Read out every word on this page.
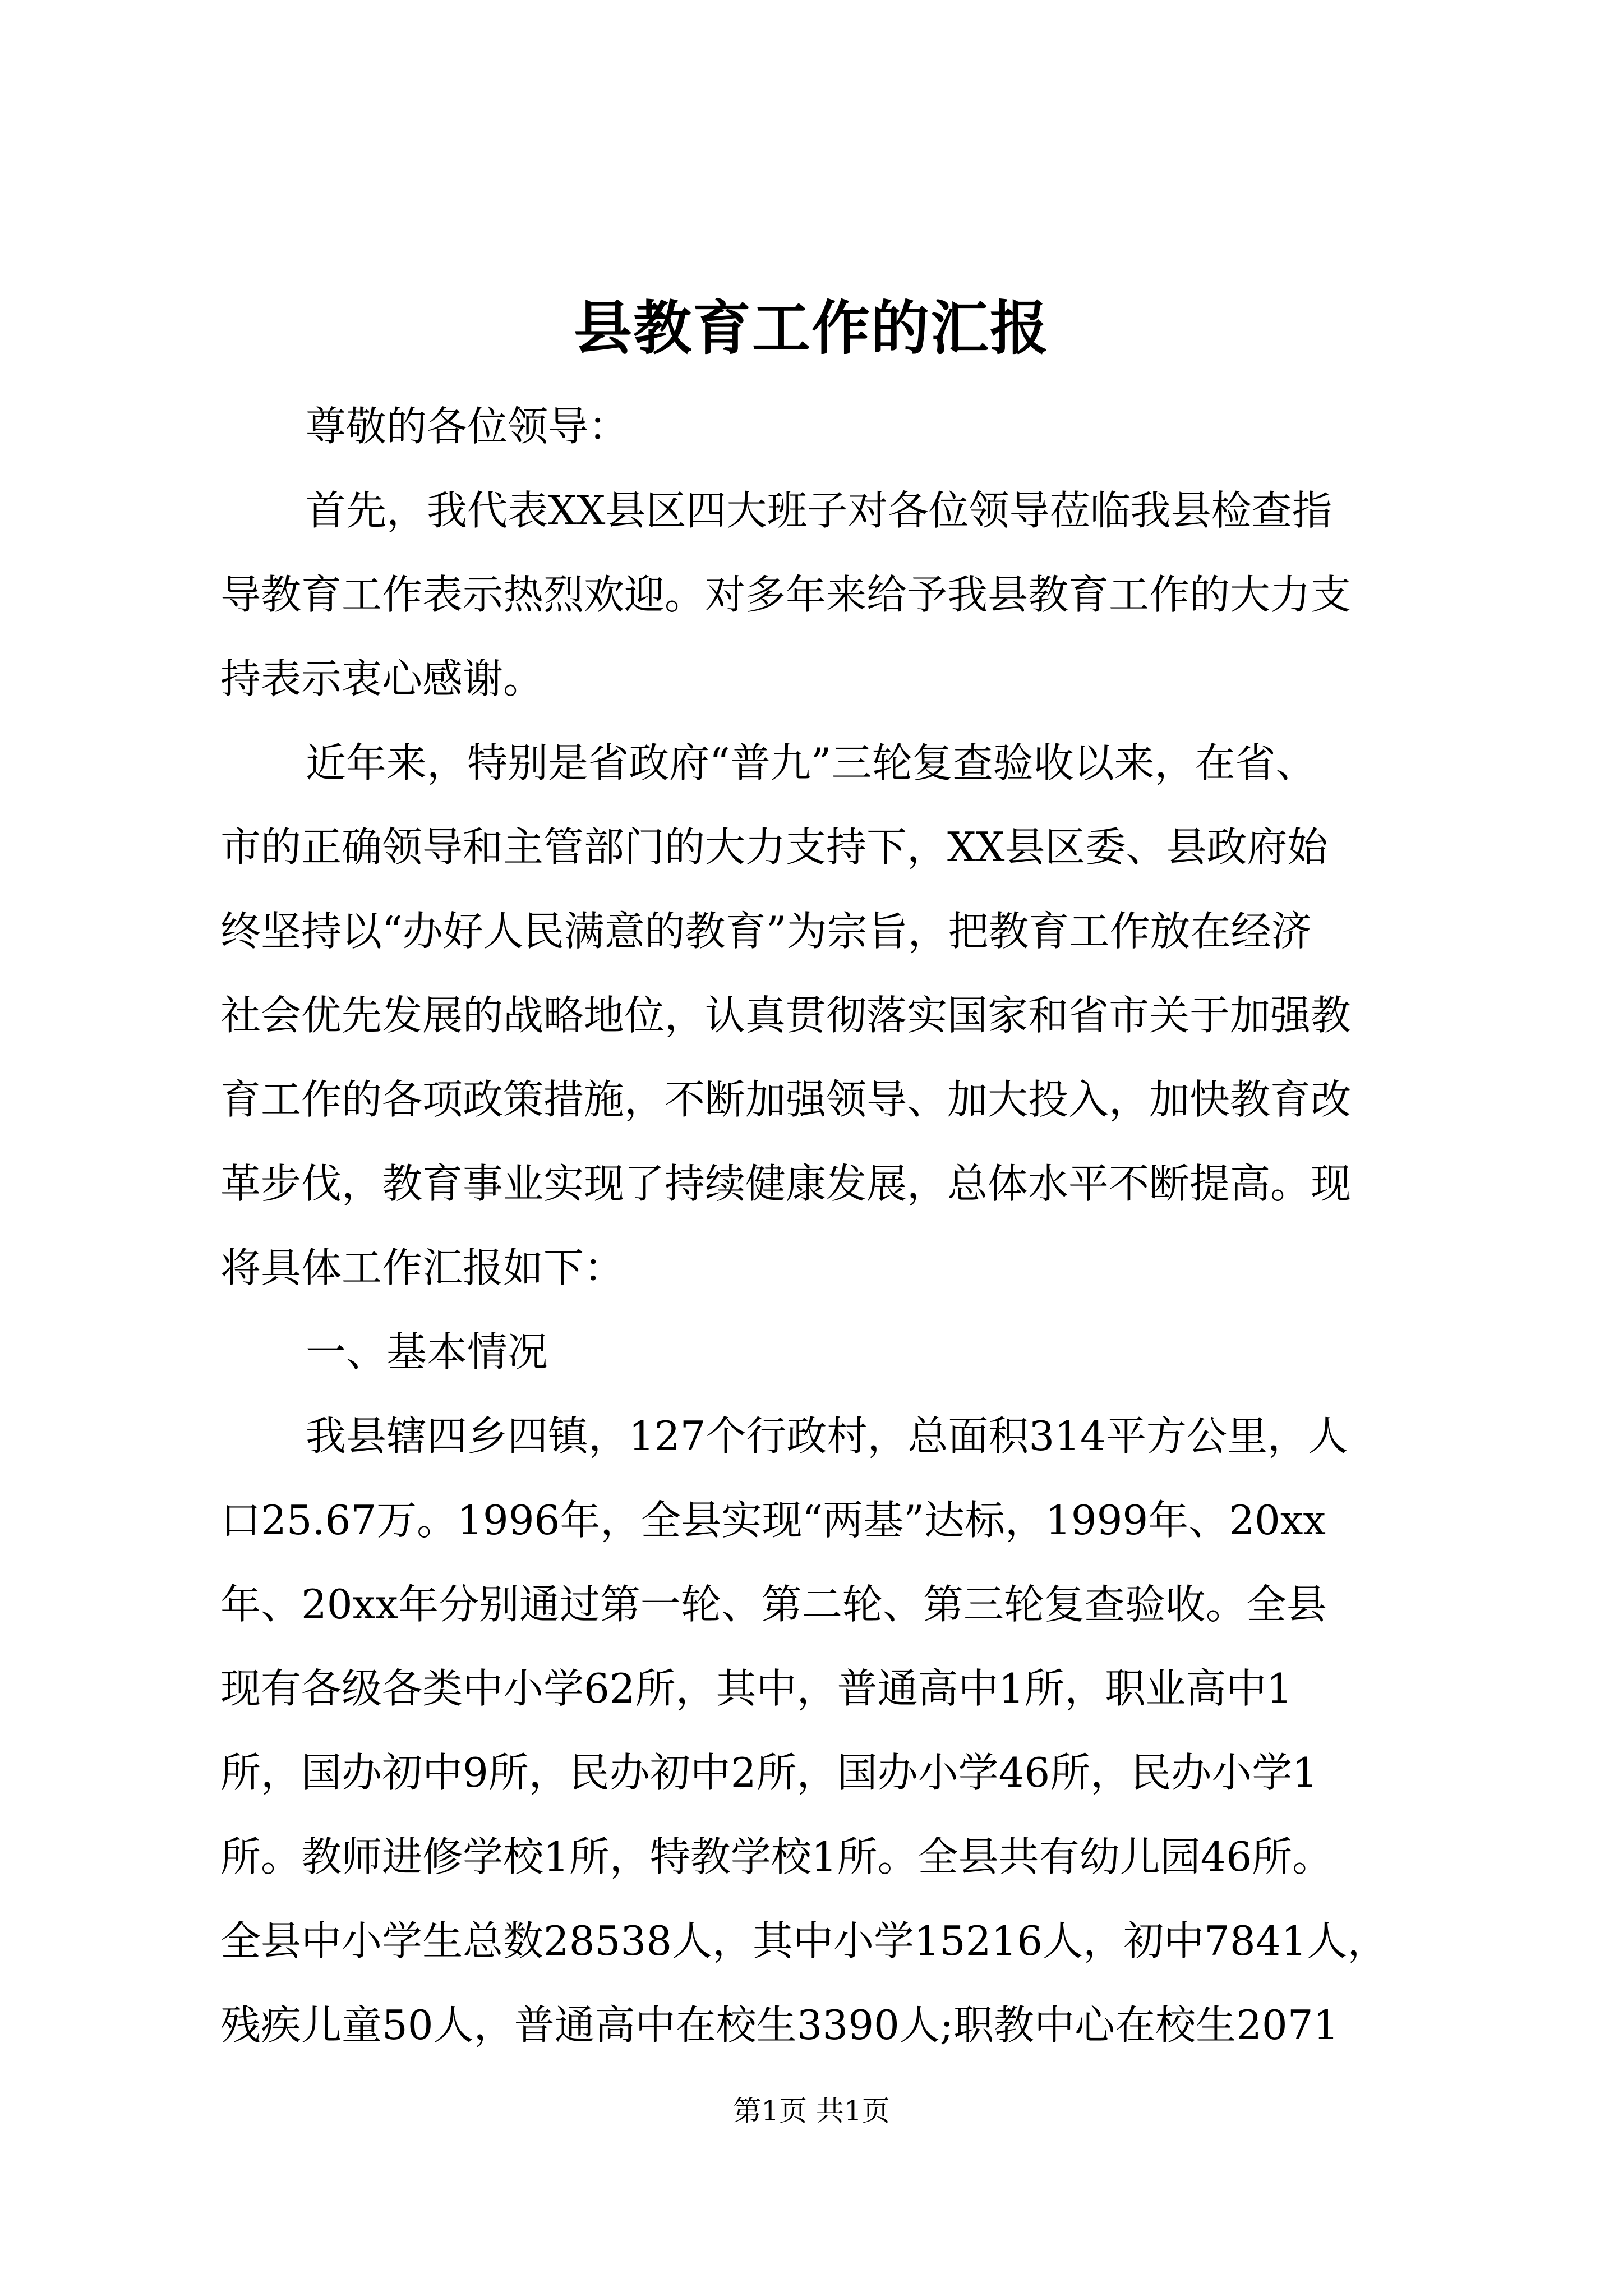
县教育工作的汇报

尊敬的各位领导：

首先，我代表XX县区四大班子对各位领导莅临我县检查指
导教育工作表示热烈欢迎。对多年来给予我县教育工作的大力支
持表示衷心感谢。

近年来，特别是省政府“普九”三轮复查验收以来，在省、
市的正确领导和主管部门的大力支持下，XX县区委、县政府始
终坚持以“办好人民满意的教育”为宗旨，把教育工作放在经济
社会优先发展的战略地位，认真贯彻落实国家和省市关于加强教
育工作的各项政策措施，不断加强领导、加大投入，加快教育改
革步伐，教育事业实现了持续健康发展，总体水平不断提高。现
将具体工作汇报如下：

一、基本情况

我县辖四乡四镇，127个行政村，总面积314平方公里，人
口25.67万。1996年，全县实现“两基”达标，1999年、20xx
年、20xx年分别通过第一轮、第二轮、第三轮复查验收。全县
现有各级各类中小学62所，其中，普通高中1所，职业高中1
所，国办初中9所，民办初中2所，国办小学46所，民办小学1
所。教师进修学校1所，特教学校1所。全县共有幼儿园46所。
全县中小学生总数28538人，其中小学15216人，初中7841人，
残疾儿童50人，普通高中在校生3390人;职教中心在校生2071

第1页 共1页
